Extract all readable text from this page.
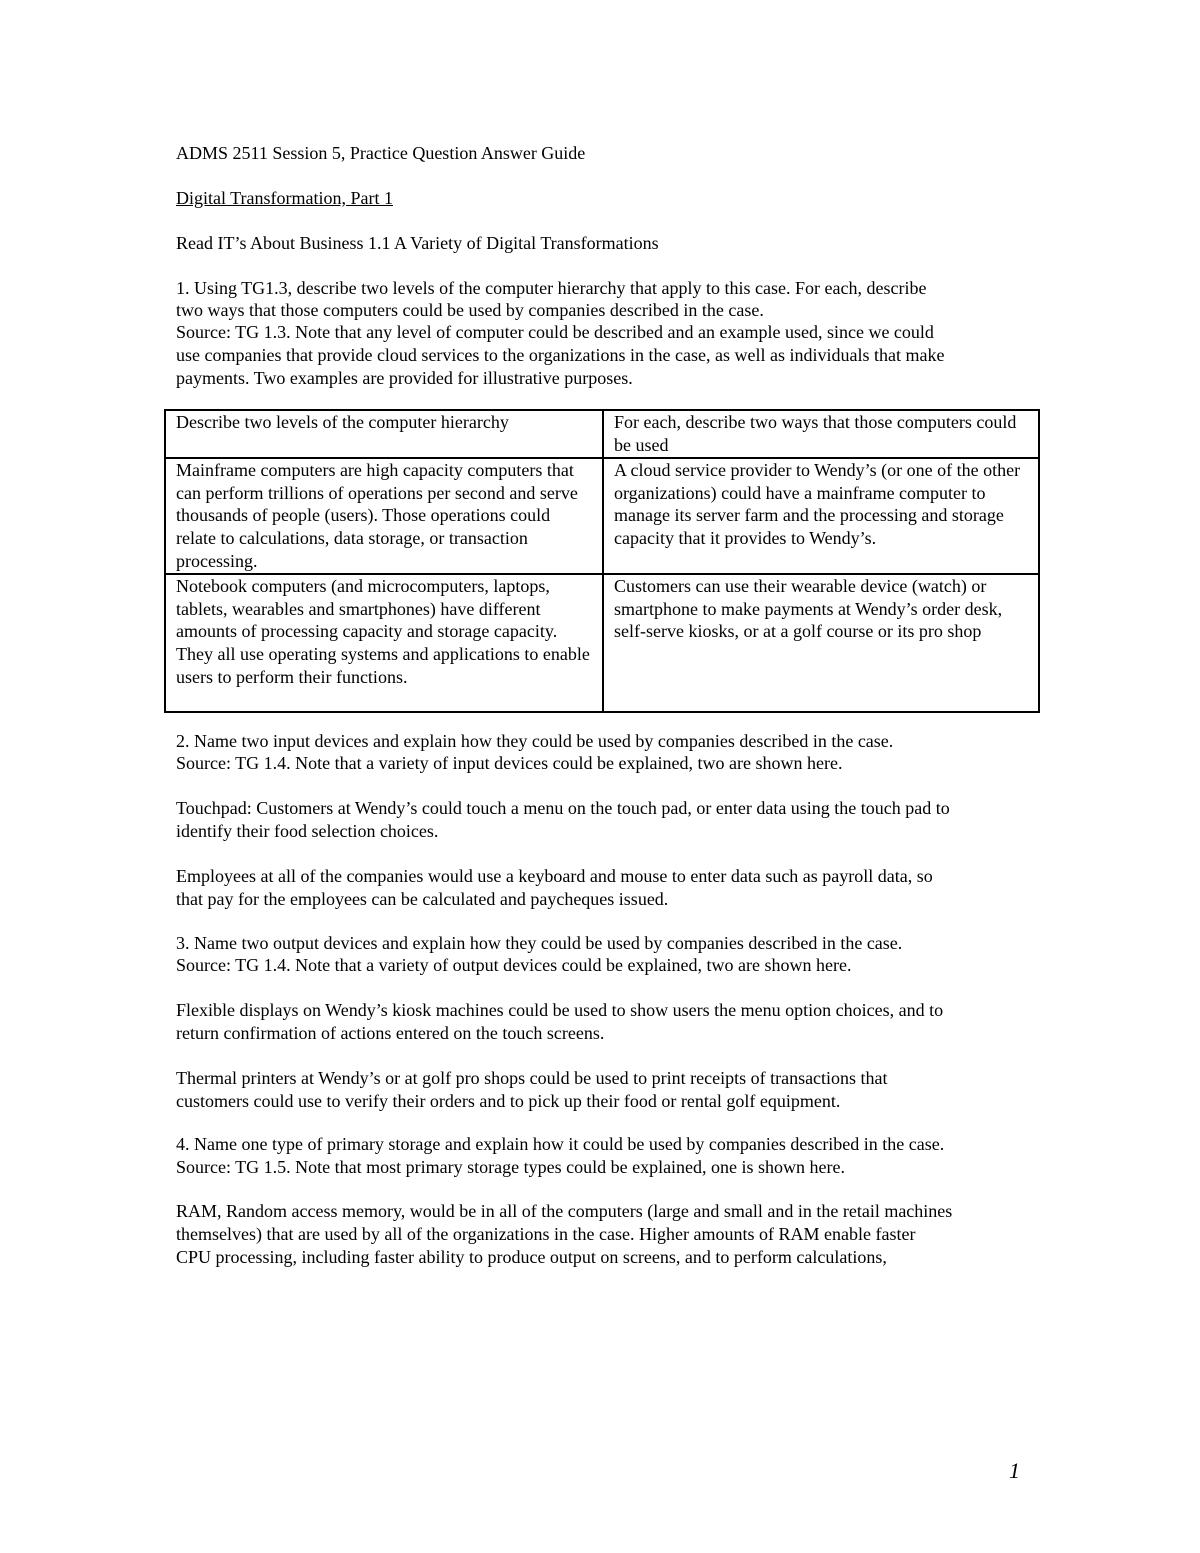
ADMS 2511 Session 5, Practice Question Answer Guide

Digital Transformation, Part 1

Read IT’s About Business 1.1 A Variety of Digital Transformations

1. Using TG1.3, describe two levels of the computer hierarchy that apply to this case. For each, describe

two ways that those computers could be used by companies described in the case.

Source: TG 1.3. Note that any level of computer could be described and an example used, since we could

use companies that provide cloud services to the organizations in the case, as well as individuals that make

payments. Two examples are provided for illustrative purposes.

Describe two levels of the computer hierarchy	For each, describe two ways that those computers could be used
Mainframe computers are high capacity computers that can perform trillions of operations per second and serve thousands of people (users). Those operations could relate to calculations, data storage, or transaction processing.	A cloud service provider to Wendy’s (or one of the other organizations) could have a mainframe computer to manage its server farm and the processing and storage capacity that it provides to Wendy’s.
Notebook computers (and microcomputers, laptops, tablets, wearables and smartphones) have different amounts of processing capacity and storage capacity. They all use operating systems and applications to enable users to perform their functions.	Customers can use their wearable device (watch) or smartphone to make payments at Wendy’s order desk, self-serve kiosks, or at a golf course or its pro shop

2. Name two input devices and explain how they could be used by companies described in the case.

Source: TG 1.4. Note that a variety of input devices could be explained, two are shown here.

Touchpad: Customers at Wendy’s could touch a menu on the touch pad, or enter data using the touch pad to

identify their food selection choices.

Employees at all of the companies would use a keyboard and mouse to enter data such as payroll data, so

that pay for the employees can be calculated and paycheques issued.

3. Name two output devices and explain how they could be used by companies described in the case.

Source: TG 1.4. Note that a variety of output devices could be explained, two are shown here.

Flexible displays on Wendy’s kiosk machines could be used to show users the menu option choices, and to

return confirmation of actions entered on the touch screens.

Thermal printers at Wendy’s or at golf pro shops could be used to print receipts of transactions that

customers could use to verify their orders and to pick up their food or rental golf equipment.

4. Name one type of primary storage and explain how it could be used by companies described in the case.

Source: TG 1.5. Note that most primary storage types could be explained, one is shown here.

RAM, Random access memory, would be in all of the computers (large and small and in the retail machines

themselves) that are used by all of the organizations in the case. Higher amounts of RAM enable faster

CPU processing, including faster ability to produce output on screens, and to perform calculations,

1
